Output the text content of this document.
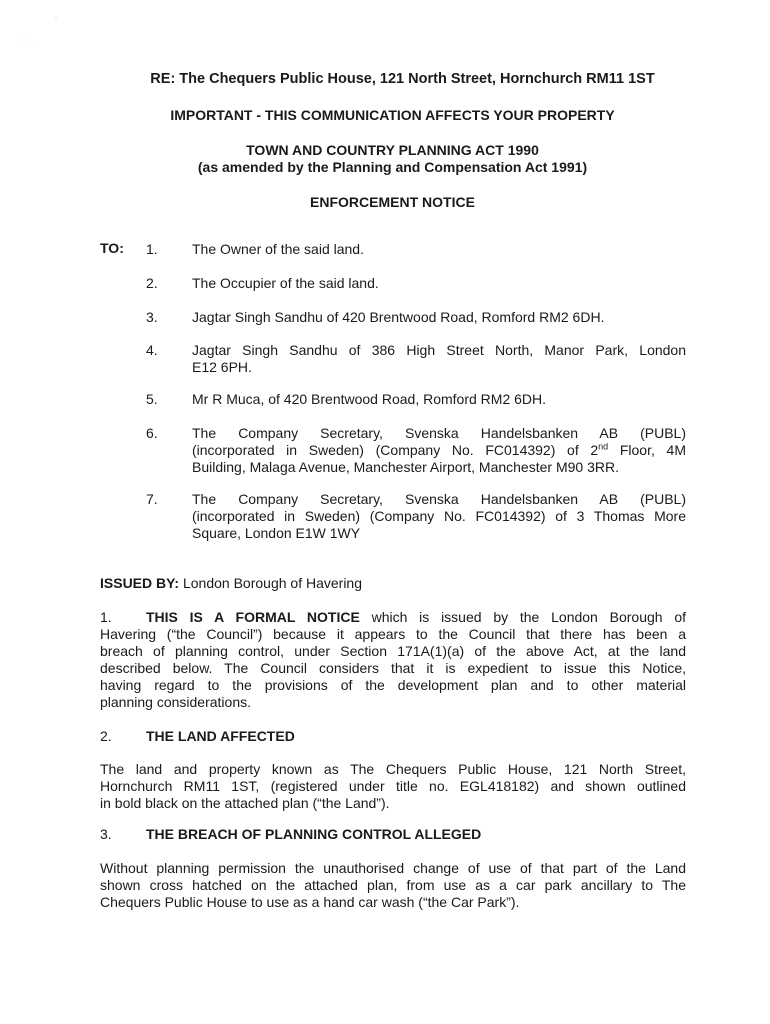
RE: The Chequers Public House, 121 North Street, Hornchurch RM11 1ST
IMPORTANT - THIS COMMUNICATION AFFECTS YOUR PROPERTY
TOWN AND COUNTRY PLANNING ACT 1990
(as amended by the Planning and Compensation Act 1991)
ENFORCEMENT NOTICE
TO: 1. The Owner of the said land.
2. The Occupier of the said land.
3. Jagtar Singh Sandhu of 420 Brentwood Road, Romford RM2 6DH.
4. Jagtar Singh Sandhu of 386 High Street North, Manor Park, London
E12 6PH.
5. Mr R Muca, of 420 Brentwood Road, Romford RM2 6DH.
6. The Company Secretary, Svenska Handelsbanken AB (PUBL)
(incorporated in Sweden) (Company No. FC014392) of 2nd Floor, 4M
Building, Malaga Avenue, Manchester Airport, Manchester M90 3RR.
7. The Company Secretary, Svenska Handelsbanken AB (PUBL)
(incorporated in Sweden) (Company No. FC014392) of 3 Thomas More
Square, London E1W 1WY
ISSUED BY: London Borough of Havering
1. THIS IS A FORMAL NOTICE which is issued by the London Borough of
Havering (“the Council”) because it appears to the Council that there has been a
breach of planning control, under Section 171A(1)(a) of the above Act, at the land
described below. The Council considers that it is expedient to issue this Notice,
having regard to the provisions of the development plan and to other material
planning considerations.
2. THE LAND AFFECTED
The land and property known as The Chequers Public House, 121 North Street,
Hornchurch RM11 1ST, (registered under title no. EGL418182) and shown outlined
in bold black on the attached plan (“the Land”).
3. THE BREACH OF PLANNING CONTROL ALLEGED
Without planning permission the unauthorised change of use of that part of the Land
shown cross hatched on the attached plan, from use as a car park ancillary to The
Chequers Public House to use as a hand car wash (“the Car Park”).
